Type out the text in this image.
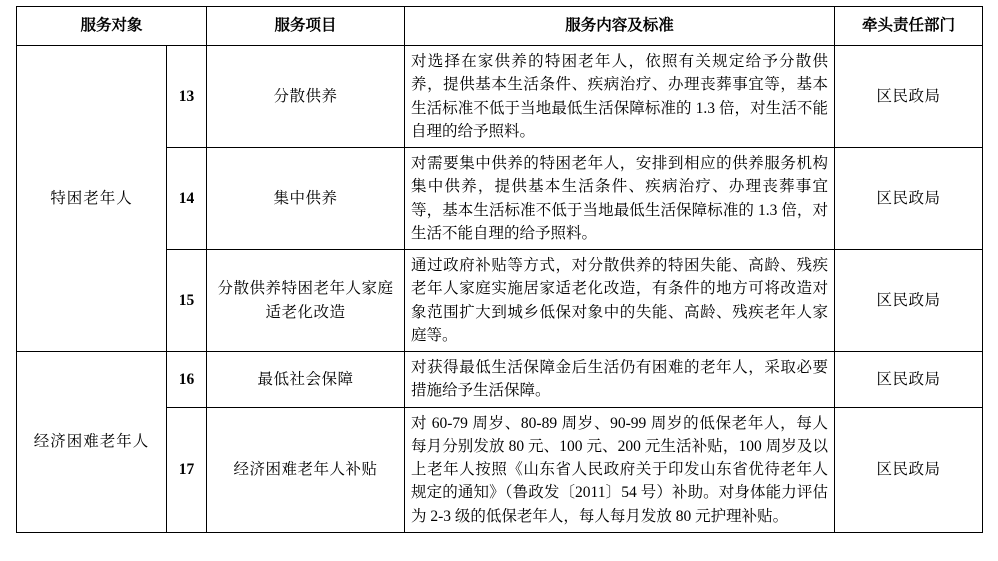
服务对象		服务项目	服务内容及标准	牵头责任部门
特困老年人	13	分散供养	对选择在家供养的特困老年人，依照有关规定给予分散供养，提供基本生活条件、疾病治疗、办理丧葬事宜等，基本生活标准不低于当地最低生活保障标准的 1.3 倍，对生活不能自理的给予照料。	区民政局
	14	集中供养	对需要集中供养的特困老年人，安排到相应的供养服务机构集中供养，提供基本生活条件、疾病治疗、办理丧葬事宜等，基本生活标准不低于当地最低生活保障标准的 1.3 倍，对生活不能自理的给予照料。	区民政局
	15	分散供养特困老年人家庭适老化改造	通过政府补贴等方式，对分散供养的特困失能、高龄、残疾老年人家庭实施居家适老化改造，有条件的地方可将改造对象范围扩大到城乡低保对象中的失能、高龄、残疾老年人家庭等。	区民政局
经济困难老年人	16	最低社会保障	对获得最低生活保障金后生活仍有困难的老年人，采取必要措施给予生活保障。	区民政局
	17	经济困难老年人补贴	对 60-79 周岁、80-89 周岁、90-99 周岁的低保老年人，每人每月分别发放 80 元、100 元、200 元生活补贴，100 周岁及以上老年人按照《山东省人民政府关于印发山东省优待老年人规定的通知》（鲁政发〔2011〕54 号）补助。对身体能力评估为 2-3 级的低保老年人，每人每月发放 80 元护理补贴。	区民政局
